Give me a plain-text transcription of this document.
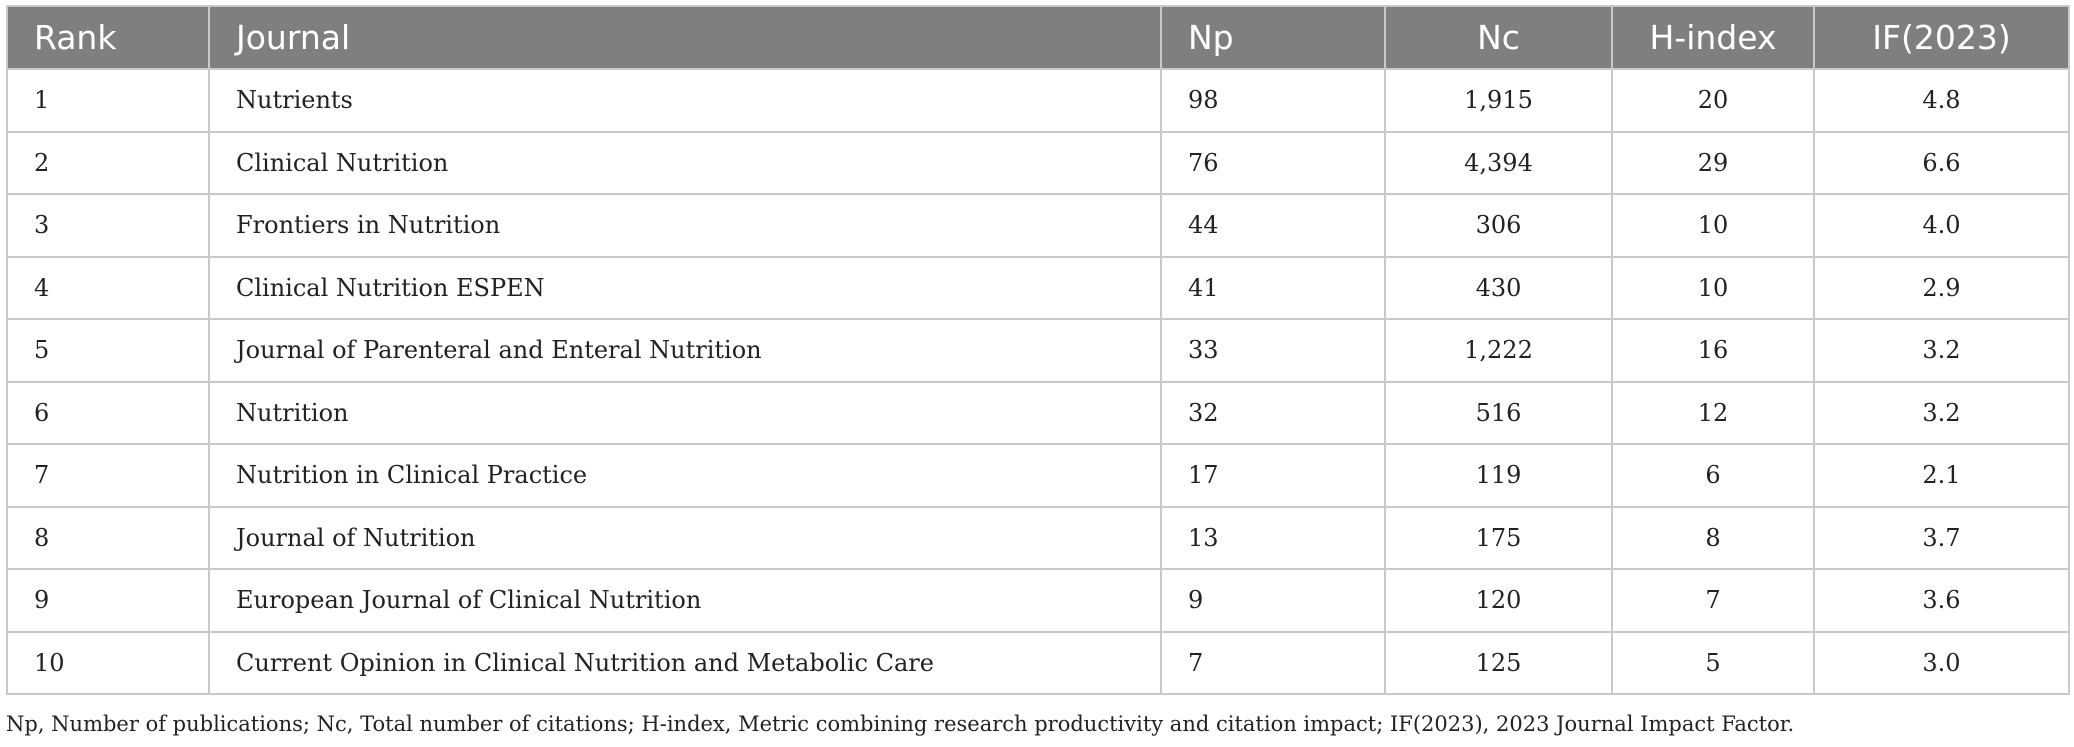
Rank	Journal	Np	Nc	H-index	IF(2023)
1	Nutrients	98	1,915	20	4.8
2	Clinical Nutrition	76	4,394	29	6.6
3	Frontiers in Nutrition	44	306	10	4.0
4	Clinical Nutrition ESPEN	41	430	10	2.9
5	Journal of Parenteral and Enteral Nutrition	33	1,222	16	3.2
6	Nutrition	32	516	12	3.2
7	Nutrition in Clinical Practice	17	119	6	2.1
8	Journal of Nutrition	13	175	8	3.7
9	European Journal of Clinical Nutrition	9	120	7	3.6
10	Current Opinion in Clinical Nutrition and Metabolic Care	7	125	5	3.0
Np, Number of publications; Nc, Total number of citations; H-index, Metric combining research productivity and citation impact; IF(2023), 2023 Journal Impact Factor.
